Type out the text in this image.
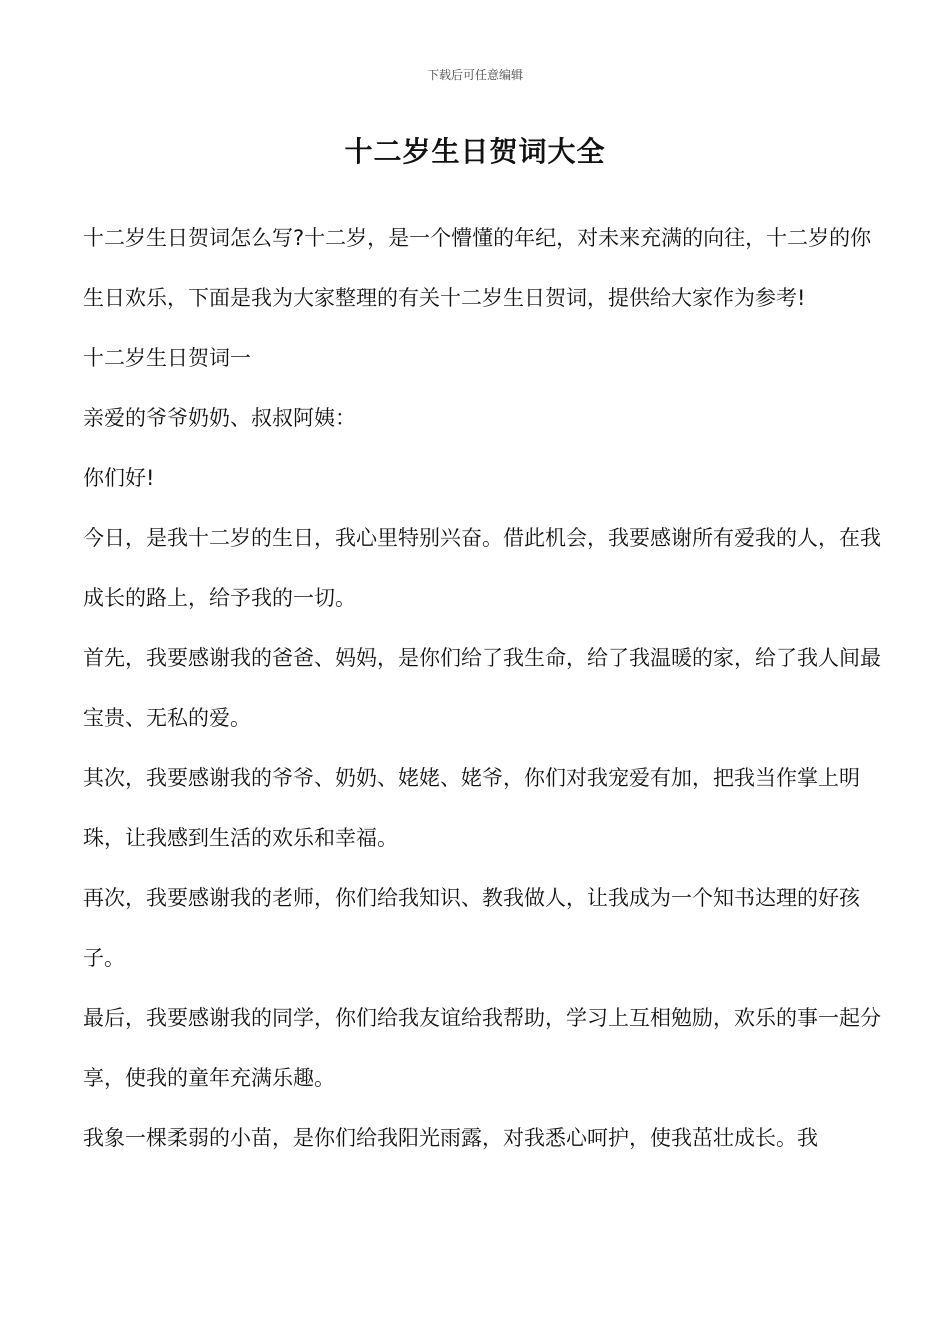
下载后可任意编辑
十二岁生日贺词大全

十二岁生日贺词怎么写?十二岁，是一个懵懂的年纪，对未来充满的向往，十二岁的你生日欢乐，下面是我为大家整理的有关十二岁生日贺词，提供给大家作为参考!

十二岁生日贺词一

亲爱的爷爷奶奶、叔叔阿姨：

你们好!

今日，是我十二岁的生日，我心里特别兴奋。借此机会，我要感谢所有爱我的人，在我成长的路上，给予我的一切。

首先，我要感谢我的爸爸、妈妈，是你们给了我生命，给了我温暖的家，给了我人间最宝贵、无私的爱。

其次，我要感谢我的爷爷、奶奶、姥姥、姥爷，你们对我宠爱有加，把我当作掌上明珠，让我感到生活的欢乐和幸福。

再次，我要感谢我的老师，你们给我知识、教我做人，让我成为一个知书达理的好孩子。

最后，我要感谢我的同学，你们给我友谊给我帮助，学习上互相勉励，欢乐的事一起分享，使我的童年充满乐趣。

我象一棵柔弱的小苗，是你们给我阳光雨露，对我悉心呵护，使我茁壮成长。我
